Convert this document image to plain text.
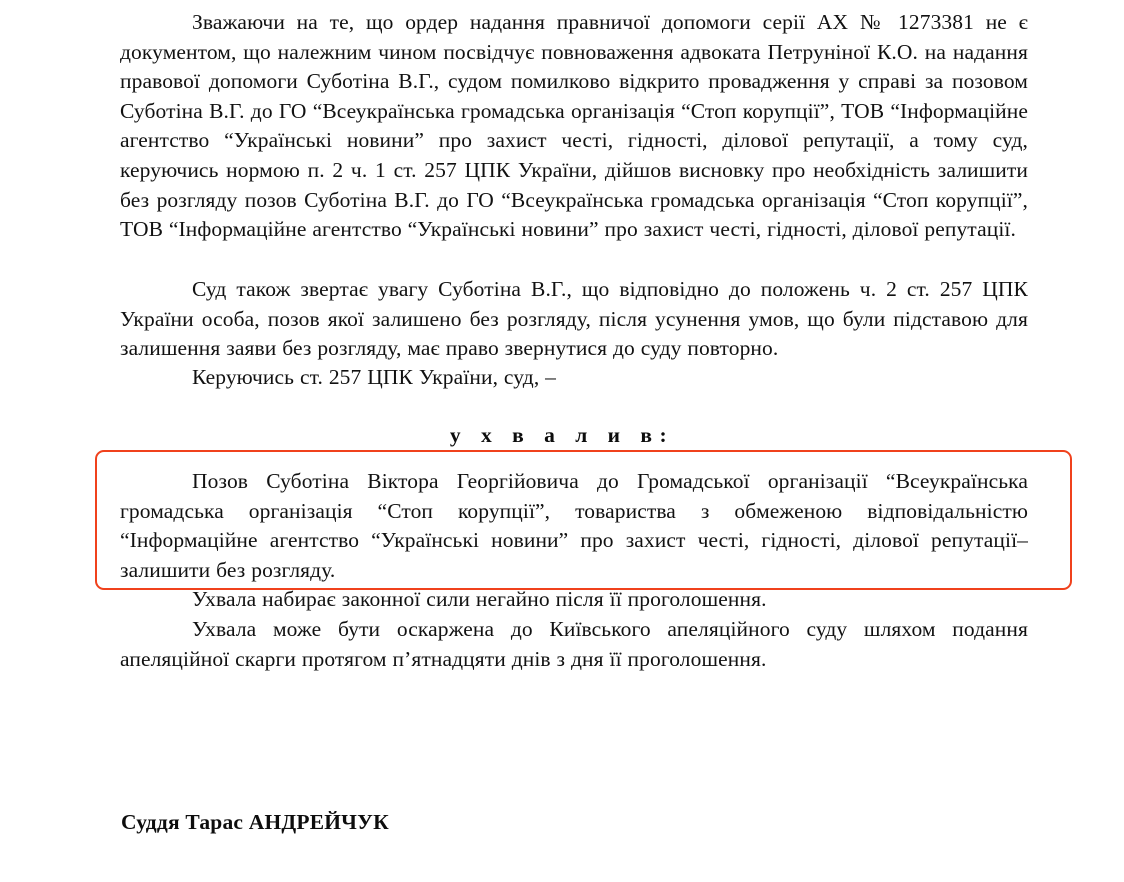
Зважаючи на те, що ордер надання правничої допомоги серії АХ № 1273381 не є документом, що належним чином посвідчує повноваження адвоката Петруніної К.О. на надання правової допомоги Суботіна В.Г., судом помилково відкрито провадження у справі за позовом Суботіна В.Г. до ГО “Всеукраїнська громадська організація “Стоп корупції”, ТОВ “Інформаційне агентство “Українські новини” про захист честі, гідності, ділової репутації, а тому суд, керуючись нормою п. 2 ч. 1 ст. 257 ЦПК України, дійшов висновку про необхідність залишити без розгляду позов Суботіна В.Г. до ГО “Всеукраїнська громадська організація “Стоп корупції”, ТОВ “Інформаційне агентство “Українські новини” про захист честі, гідності, ділової репутації.

Суд також звертає увагу Суботіна В.Г., що відповідно до положень ч. 2 ст. 257 ЦПК України особа, позов якої залишено без розгляду, після усунення умов, що були підставою для залишення заяви без розгляду, має право звернутися до суду повторно.

Керуючись ст. 257 ЦПК України, суд, –

у х в а л и в:

Позов Суботіна Віктора Георгійовича до Громадської організації “Всеукраїнська громадська організація “Стоп корупції”, товариства з обмеженою відповідальністю “Інформаційне агентство “Українські новини” про захист честі, гідності, ділової репутації– залишити без розгляду.

Ухвала набирає законної сили негайно після її проголошення.

Ухвала може бути оскаржена до Київського апеляційного суду шляхом подання апеляційної скарги протягом п’ятнадцяти днів з дня її проголошення.

Суддя Тарас АНДРЕЙЧУК
